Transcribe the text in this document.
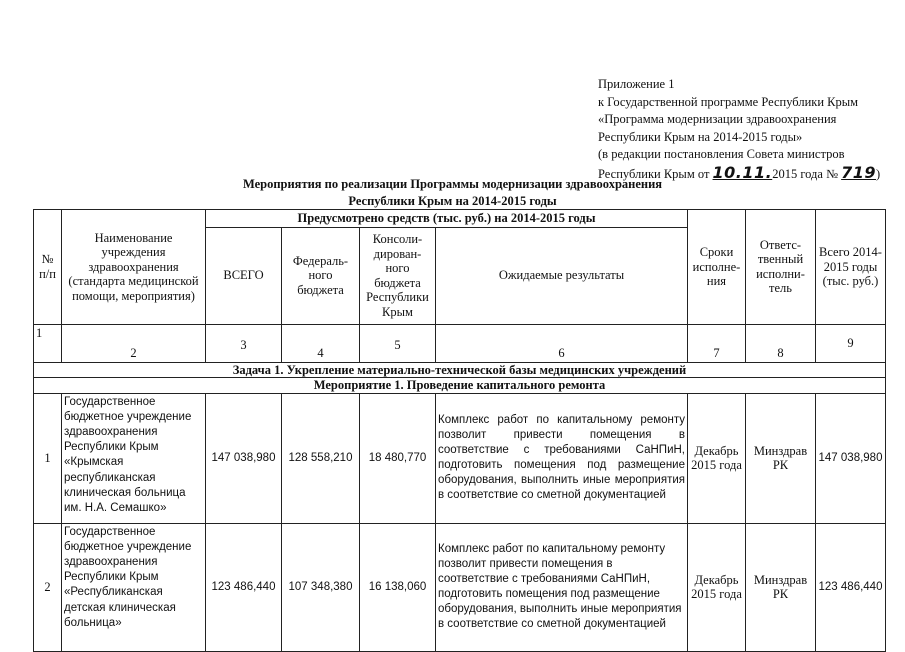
Приложение 1
к Государственной программе Республики Крым
«Программа модернизации здравоохранения
Республики Крым на 2014-2015 годы»
(в редакции постановления Совета министров
Республики Крым от 10.11.2015 года № 719)
Мероприятия по реализации Программы модернизации здравоохранения
Республики Крым на 2014-2015 годы
№ п/п	Наименование учреждения здравоохранения (стандарта медицинской помощи, мероприятия)	Предусмотрено средств (тыс. руб.) на 2014-2015 годы				Сроки исполне-ния	Ответс-твенный исполни-тель	Всего 2014-2015 годы (тыс. руб.)
		ВСЕГО	Федераль-ного бюджета	Консоли-дирован-ного бюджета Республики Крым	Ожидаемые результаты			
1	2	3	4	5	6	7	8	9
Задача 1. Укрепление материально-технической базы медицинских учреждений								
Мероприятие 1. Проведение капитального ремонта								
1	Государственное бюджетное учреждение здравоохранения Республики Крым «Крымская республиканская клиническая больница им. Н.А. Семашко»	147 038,980	128 558,210	18 480,770	Комплекс работ по капитальному ремонту позволит привести помещения в соответствие с требованиями СаНПиН, подготовить помещения под размещение оборудования, выполнить иные мероприятия в соответствие со сметной документацией	Декабрь 2015 года	Минздрав РК	147 038,980
2	Государственное бюджетное учреждение здравоохранения Республики Крым «Республиканская детская клиническая больница»	123 486,440	107 348,380	16 138,060	Комплекс работ по капитальному ремонту позволит привести помещения в соответствие с требованиями СаНПиН, подготовить помещения под размещение оборудования, выполнить иные мероприятия в соответствие со сметной документацией	Декабрь 2015 года	Минздрав РК	123 486,440
